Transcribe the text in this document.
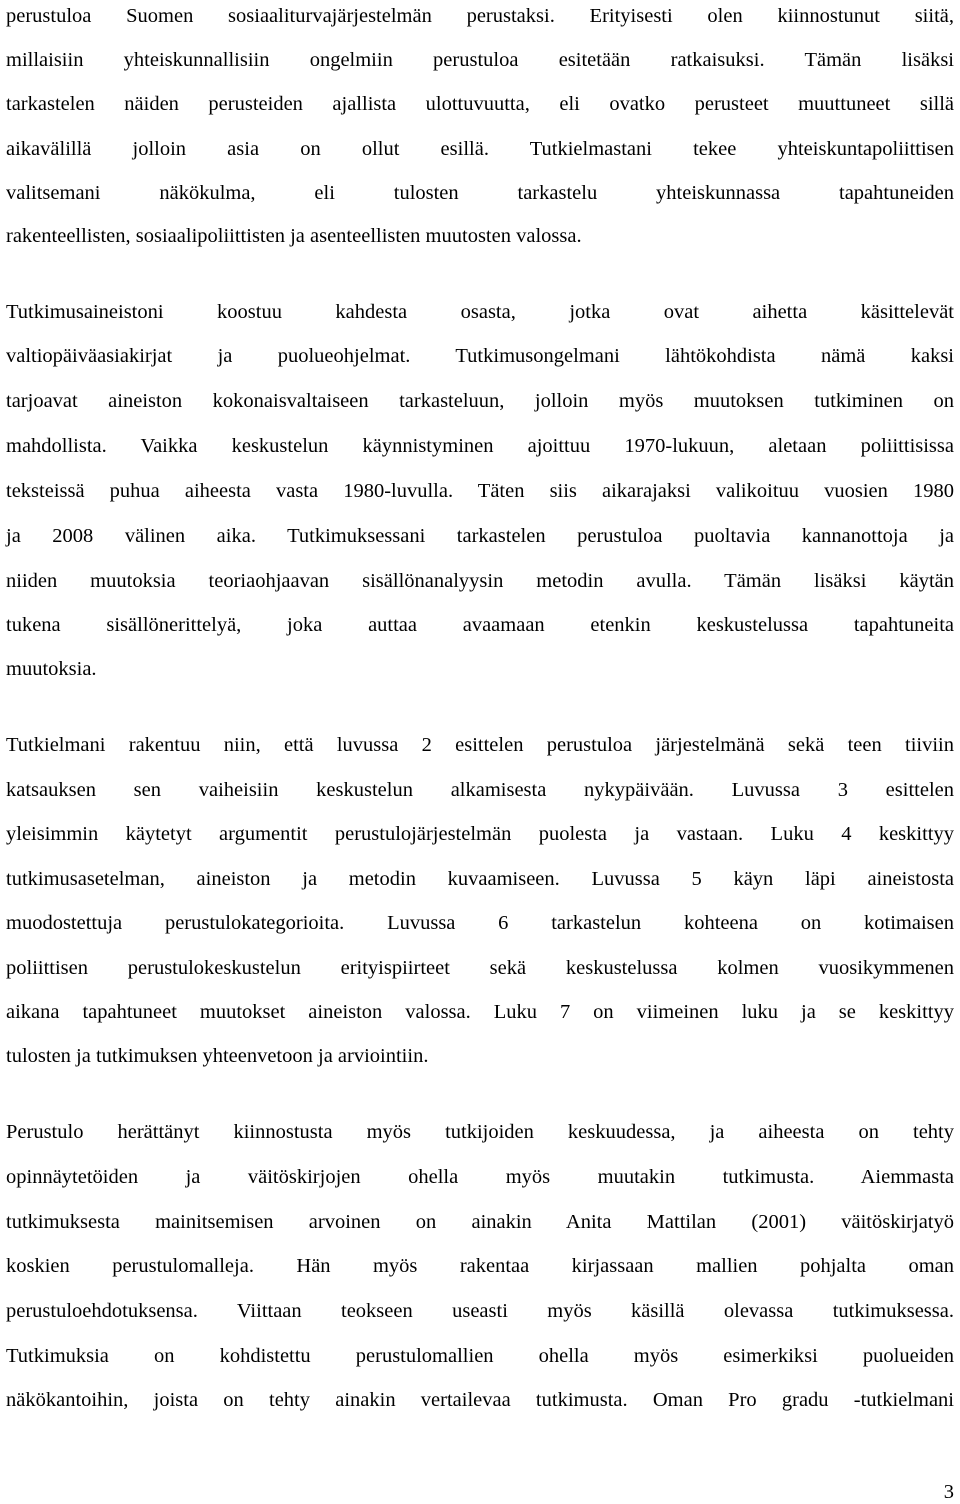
perustuloa Suomen sosiaaliturvajärjestelmän perustaksi. Erityisesti olen kiinnostunut siitä,
millaisiin yhteiskunnallisiin ongelmiin perustuloa esitetään ratkaisuksi. Tämän lisäksi
tarkastelen näiden perusteiden ajallista ulottuvuutta, eli ovatko perusteet muuttuneet sillä
aikavälillä jolloin asia on ollut esillä. Tutkielmastani tekee yhteiskuntapoliittisen
valitsemani näkökulma, eli tulosten tarkastelu yhteiskunnassa tapahtuneiden
rakenteellisten, sosiaalipoliittisten ja asenteellisten muutosten valossa.
Tutkimusaineistoni koostuu kahdesta osasta, jotka ovat aihetta käsittelevät
valtiopäiväasiakirjat ja puolueohjelmat. Tutkimusongelmani lähtökohdista nämä kaksi
tarjoavat aineiston kokonaisvaltaiseen tarkasteluun, jolloin myös muutoksen tutkiminen on
mahdollista. Vaikka keskustelun käynnistyminen ajoittuu 1970-lukuun, aletaan poliittisissa
teksteissä puhua aiheesta vasta 1980-luvulla. Täten siis aikarajaksi valikoituu vuosien 1980
ja 2008 välinen aika. Tutkimuksessani tarkastelen perustuloa puoltavia kannanottoja ja
niiden muutoksia teoriaohjaavan sisällönanalyysin metodin avulla. Tämän lisäksi käytän
tukena sisällönerittelyä, joka auttaa avaamaan etenkin keskustelussa tapahtuneita
muutoksia.
Tutkielmani rakentuu niin, että luvussa 2 esittelen perustuloa järjestelmänä sekä teen tiiviin
katsauksen sen vaiheisiin keskustelun alkamisesta nykypäivään. Luvussa 3 esittelen
yleisimmin käytetyt argumentit perustulojärjestelmän puolesta ja vastaan. Luku 4 keskittyy
tutkimusasetelman, aineiston ja metodin kuvaamiseen. Luvussa 5 käyn läpi aineistosta
muodostettuja perustulokategorioita. Luvussa 6 tarkastelun kohteena on kotimaisen
poliittisen perustulokeskustelun erityispiirteet sekä keskustelussa kolmen vuosikymmenen
aikana tapahtuneet muutokset aineiston valossa. Luku 7 on viimeinen luku ja se keskittyy
tulosten ja tutkimuksen yhteenvetoon ja arviointiin.
Perustulo herättänyt kiinnostusta myös tutkijoiden keskuudessa, ja aiheesta on tehty
opinnäytetöiden ja väitöskirjojen ohella myös muutakin tutkimusta. Aiemmasta
tutkimuksesta mainitsemisen arvoinen on ainakin Anita Mattilan (2001) väitöskirjatyö
koskien perustulomalleja. Hän myös rakentaa kirjassaan mallien pohjalta oman
perustuloehdotuksensa. Viittaan teokseen useasti myös käsillä olevassa tutkimuksessa.
Tutkimuksia on kohdistettu perustulomallien ohella myös esimerkiksi puolueiden
näkökantoihin, joista on tehty ainakin vertailevaa tutkimusta. Oman Pro gradu -tutkielmani
3
